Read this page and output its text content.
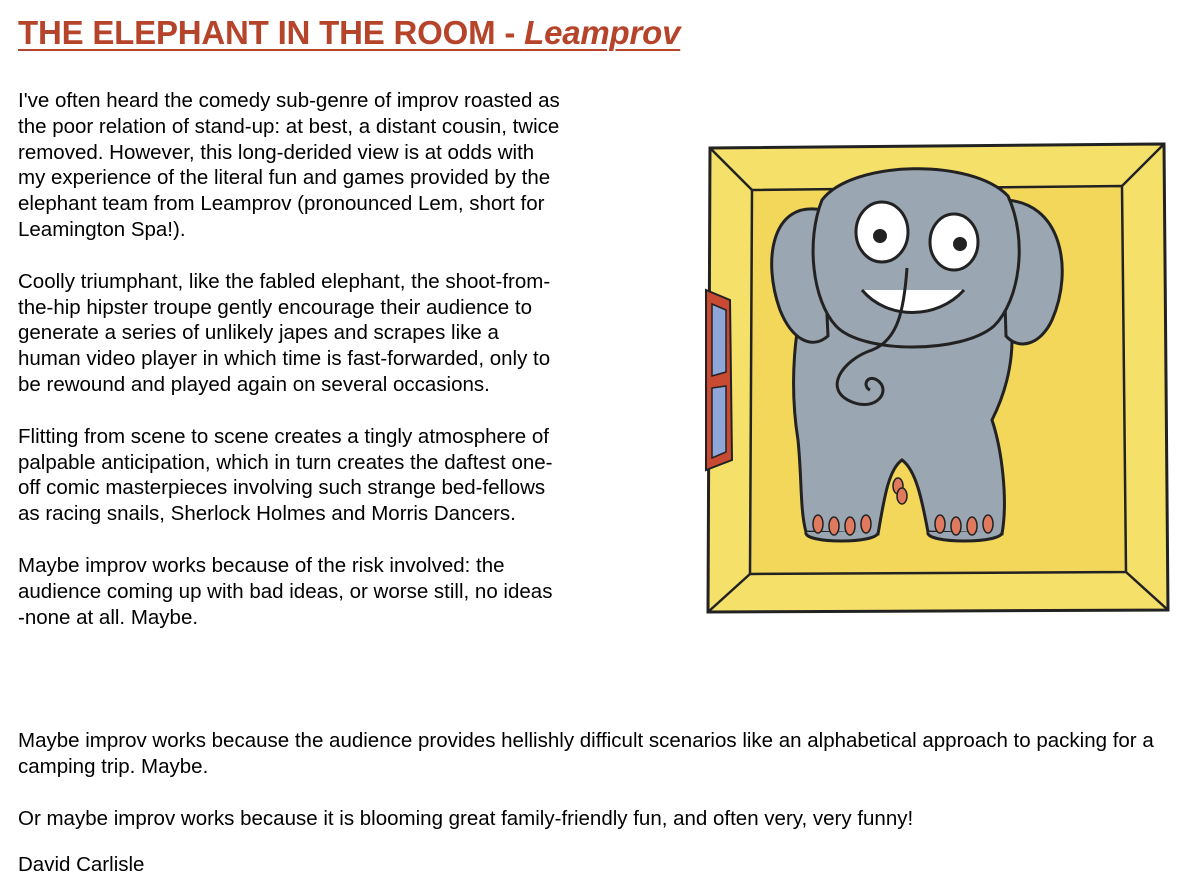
THE ELEPHANT IN THE ROOM - Leamprov

I've often heard the comedy sub-genre of improv roasted as the poor relation of stand-up: at best, a distant cousin, twice removed. However, this long-derided view is at odds with my experience of the literal fun and games provided by the elephant team from Leamprov (pronounced Lem, short for Leamington Spa!).

Coolly triumphant, like the fabled elephant, the shoot-from-the-hip hipster troupe gently encourage their audience to generate a series of unlikely japes and scrapes like a human video player in which time is fast-forwarded, only to be rewound and played again on several occasions.

Flitting from scene to scene creates a tingly atmosphere of palpable anticipation, which in turn creates the daftest one-off comic masterpieces involving such strange bed-fellows as racing snails, Sherlock Holmes and Morris Dancers.

Maybe improv works because of the risk involved: the audience coming up with bad ideas, or worse still, no ideas -none at all. Maybe.

Maybe improv works because the audience provides hellishly difficult scenarios like an alphabetical approach to packing for a camping trip. Maybe.

Or maybe improv works because it is blooming great family-friendly fun, and often very, very funny!

David Carlisle
